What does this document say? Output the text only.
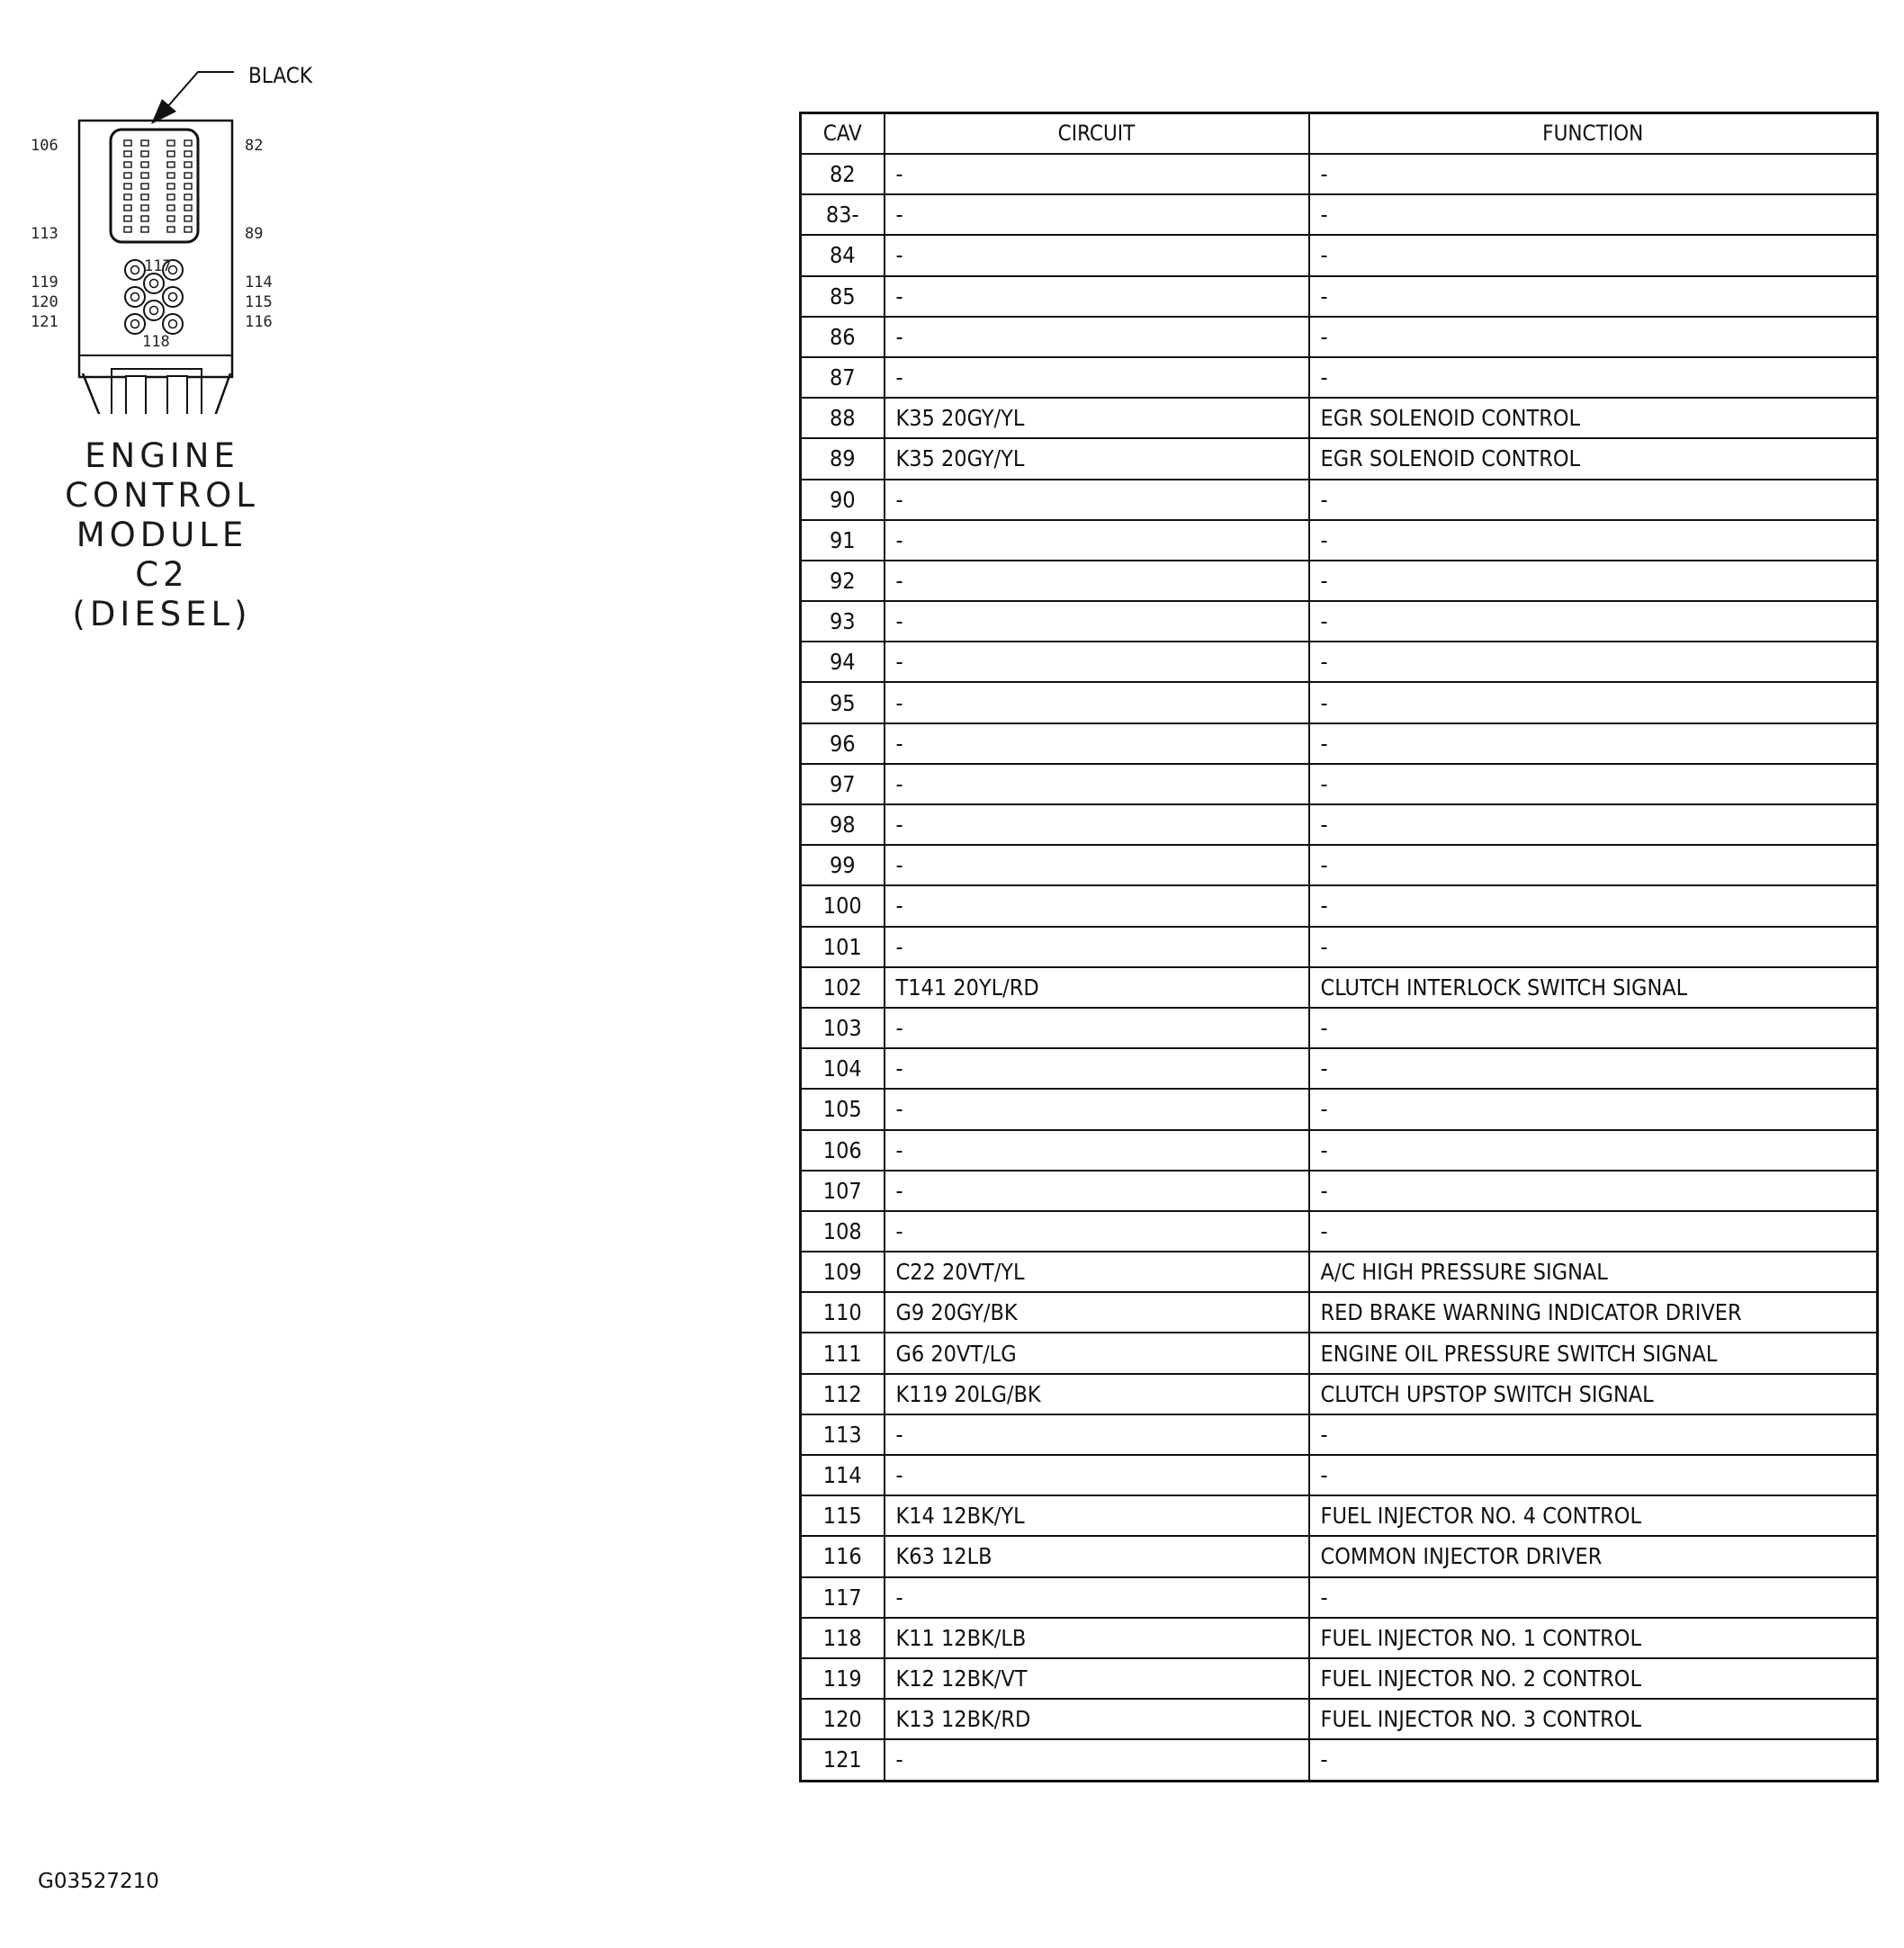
BLACK
106	82
113	89
117
118
119
120
121
114
115
116
ENGINE
CONTROL
MODULE
C2
(DIESEL)
CAV	CIRCUIT	FUNCTION
82	-	-
83-	-	-
84	-	-
85	-	-
86	-	-
87	-	-
88	K35 20GY/YL	EGR SOLENOID CONTROL
89	K35 20GY/YL	EGR SOLENOID CONTROL
90	-	-
91	-	-
92	-	-
93	-	-
94	-	-
95	-	-
96	-	-
97	-	-
98	-	-
99	-	-
100	-	-
101	-	-
102	T141 20YL/RD	CLUTCH INTERLOCK SWITCH SIGNAL
103	-	-
104	-	-
105	-	-
106	-	-
107	-	-
108	-	-
109	C22 20VT/YL	A/C HIGH PRESSURE SIGNAL
110	G9 20GY/BK	RED BRAKE WARNING INDICATOR DRIVER
111	G6 20VT/LG	ENGINE OIL PRESSURE SWITCH SIGNAL
112	K119 20LG/BK	CLUTCH UPSTOP SWITCH SIGNAL
113	-	-
114	-	-
115	K14 12BK/YL	FUEL INJECTOR NO. 4 CONTROL
116	K63 12LB	COMMON INJECTOR DRIVER
117	-	-
118	K11 12BK/LB	FUEL INJECTOR NO. 1 CONTROL
119	K12 12BK/VT	FUEL INJECTOR NO. 2 CONTROL
120	K13 12BK/RD	FUEL INJECTOR NO. 3 CONTROL
121	-	-
G03527210
